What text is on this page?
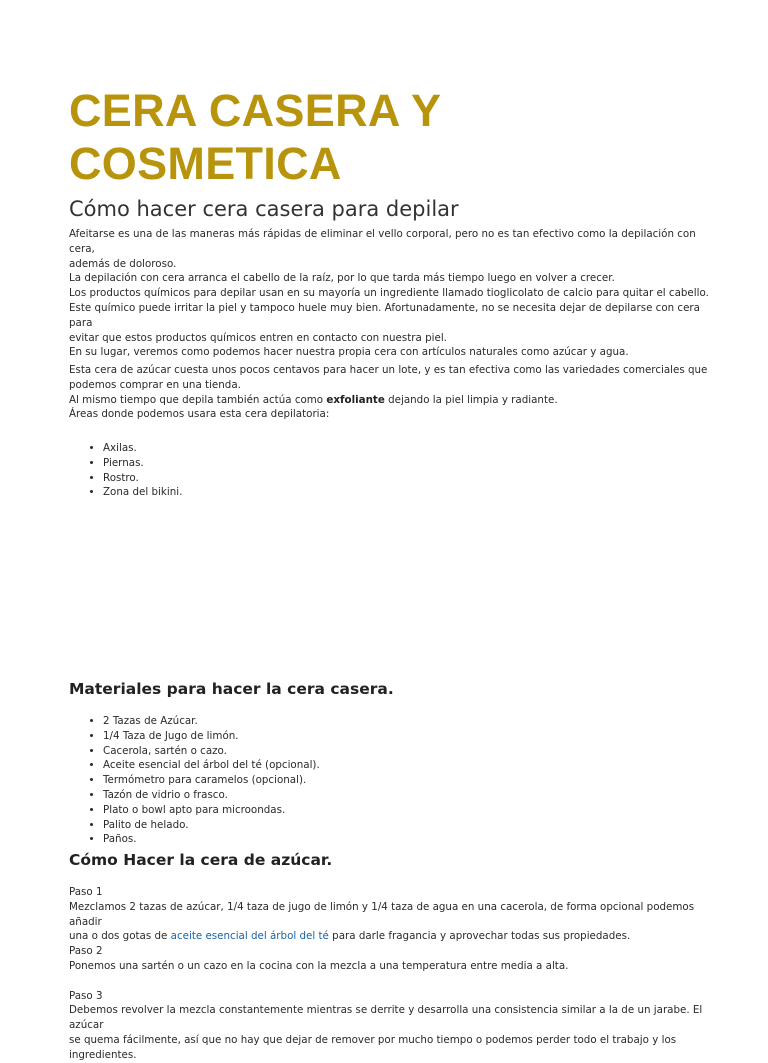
CERA CASERA Y
COSMETICA
Cómo hacer cera casera para depilar

Afeitarse es una de las maneras más rápidas de eliminar el vello corporal, pero no es tan efectivo como la depilación con cera,

además de doloroso.

La depilación con cera arranca el cabello de la raíz, por lo que tarda más tiempo luego en volver a crecer.

Los productos químicos para depilar usan en su mayoría un ingrediente llamado tioglicolato de calcio para quitar el cabello.

Este químico puede irritar la piel y tampoco huele muy bien. Afortunadamente, no se necesita dejar de depilarse con cera para

evitar que estos productos químicos entren en contacto con nuestra piel.

En su lugar, veremos como podemos hacer nuestra propia cera con artículos naturales como azúcar y agua.

Esta cera de azúcar cuesta unos pocos centavos para hacer un lote, y es tan efectiva como las variedades comerciales que

podemos comprar en una tienda.

Al mismo tiempo que depila también actúa como exfoliante dejando la piel limpia y radiante.

Áreas donde podemos usara esta cera depilatoria:

• Axilas.
• Piernas.
• Rostro.
• Zona del bikini.
Materiales para hacer la cera casera.
• 2 Tazas de Azúcar.
• 1/4 Taza de Jugo de limón.
• Cacerola, sartén o cazo.
• Aceite esencial del árbol del té (opcional).
• Termómetro para caramelos (opcional).
• Tazón de vidrio o frasco.
• Plato o bowl apto para microondas.
• Palito de helado.
• Paños.
Cómo Hacer la cera de azúcar.

Paso 1

Mezclamos 2 tazas de azúcar, 1/4 taza de jugo de limón y 1/4 taza de agua en una cacerola, de forma opcional podemos añadir

una o dos gotas de aceite esencial del árbol del té para darle fragancia y aprovechar todas sus propiedades.

Paso 2

Ponemos una sartén o un cazo en la cocina con la mezcla a una temperatura entre media a alta.

Paso 3

Debemos revolver la mezcla constantemente mientras se derrite y desarrolla una consistencia similar a la de un jarabe. El azúcar

se quema fácilmente, así que no hay que dejar de remover por mucho tiempo o podemos perder todo el trabajo y los

ingredientes.
